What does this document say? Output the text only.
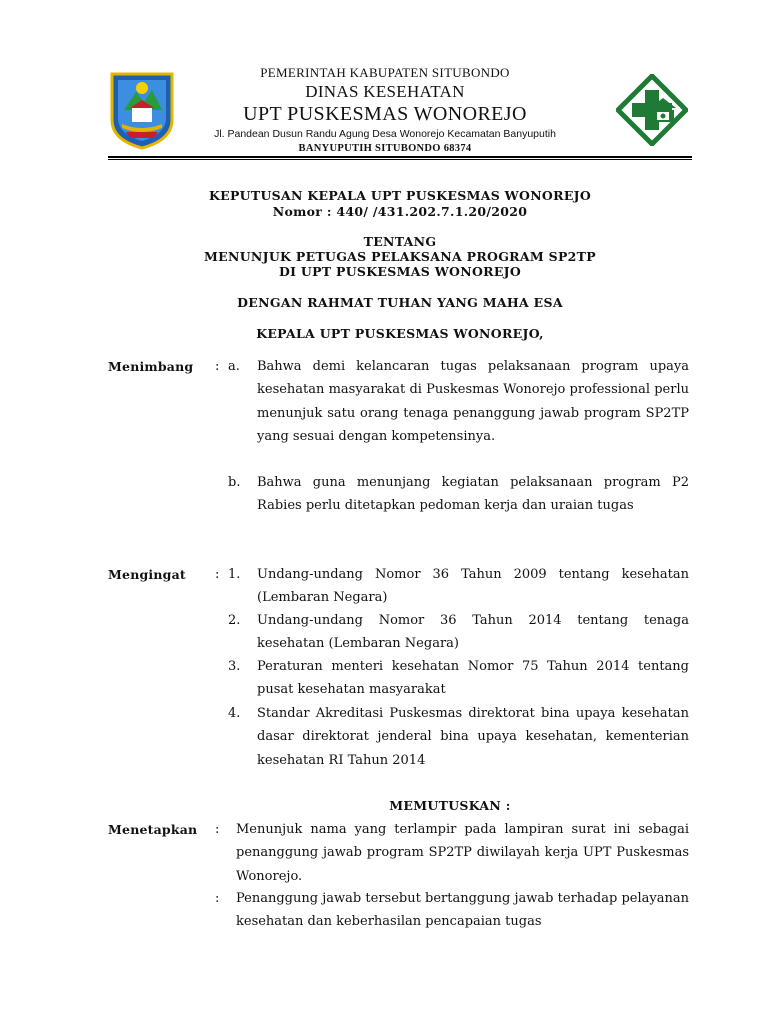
PEMERINTAH KABUPATEN SITUBONDO
DINAS KESEHATAN
UPT PUSKESMAS WONOREJO
Jl. Pandean Dusun Randu Agung Desa Wonorejo Kecamatan Banyuputih
BANYUPUTIH SITUBONDO 68374
KEPUTUSAN KEPALA UPT PUSKESMAS WONOREJO
Nomor : 440/ /431.202.7.1.20/2020
TENTANG
MENUNJUK PETUGAS PELAKSANA PROGRAM SP2TP
DI UPT PUSKESMAS WONOREJO
DENGAN RAHMAT TUHAN YANG MAHA ESA
KEPALA UPT PUSKESMAS WONOREJO,
Menimbang : a. Bahwa demi kelancaran tugas pelaksanaan program upaya kesehatan masyarakat di Puskesmas Wonorejo professional perlu menunjuk satu orang tenaga penanggung jawab program SP2TP yang sesuai dengan kompetensinya.
b. Bahwa guna menunjang kegiatan pelaksanaan program P2 Rabies perlu ditetapkan pedoman kerja dan uraian tugas
Mengingat : 1. Undang-undang Nomor 36 Tahun 2009 tentang kesehatan (Lembaran Negara)
2. Undang-undang Nomor 36 Tahun 2014 tentang tenaga kesehatan (Lembaran Negara)
3. Peraturan menteri kesehatan Nomor 75 Tahun 2014 tentang pusat kesehatan masyarakat
4. Standar Akreditasi Puskesmas direktorat bina upaya kesehatan dasar direktorat jenderal bina upaya kesehatan, kementerian kesehatan RI Tahun 2014
MEMUTUSKAN :
Menetapkan : Menunjuk nama yang terlampir pada lampiran surat ini sebagai penanggung jawab program SP2TP diwilayah kerja UPT Puskesmas Wonorejo.
: Penanggung jawab tersebut bertanggung jawab terhadap pelayanan kesehatan dan keberhasilan pencapaian tugas
